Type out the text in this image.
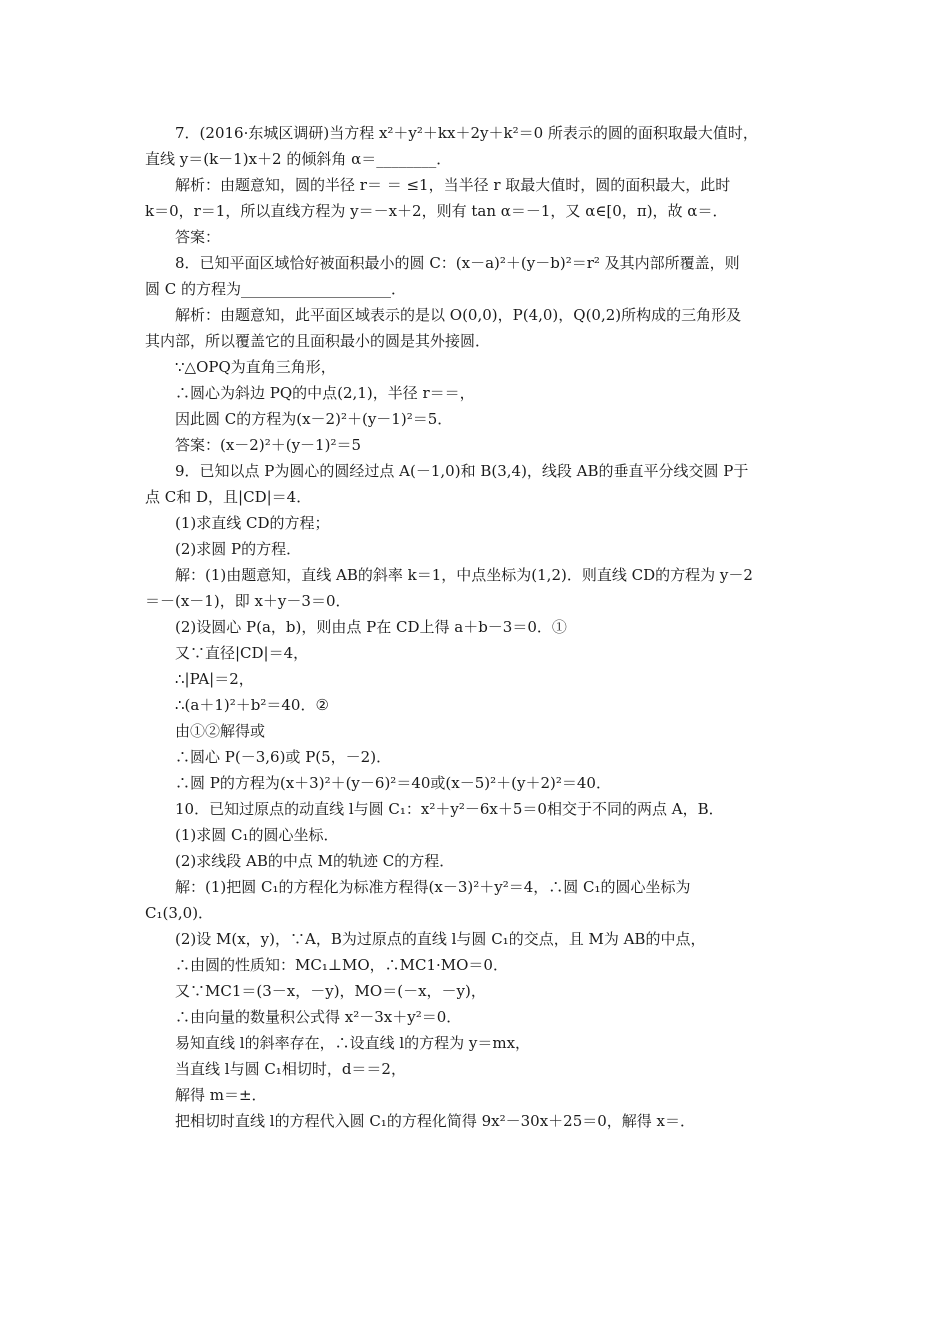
7．(2016·东城区调研)当方程 x²＋y²＋kx＋2y＋k²＝0 所表示的圆的面积取最大值时，
直线 y＝(k－1)x＋2 的倾斜角 α＝________．
解析：由题意知，圆的半径 r＝ ＝ ≤1，当半径 r 取最大值时，圆的面积最大，此时
k＝0，r＝1，所以直线方程为 y＝－x＋2，则有 tan α＝－1，又 α∈[0，π)，故 α＝．
答案：
8．已知平面区域恰好被面积最小的圆 C：(x－a)²＋(y－b)²＝r² 及其内部所覆盖，则
圆 C 的方程为____________________．
解析：由题意知，此平面区域表示的是以 O(0,0)，P(4,0)，Q(0,2)所构成的三角形及
其内部，所以覆盖它的且面积最小的圆是其外接圆．
∵△OPQ为直角三角形，
∴圆心为斜边 PQ的中点(2,1)，半径 r＝＝，
因此圆 C的方程为(x－2)²＋(y－1)²＝5．
答案：(x－2)²＋(y－1)²＝5
9．已知以点 P为圆心的圆经过点 A(－1,0)和 B(3,4)，线段 AB的垂直平分线交圆 P于
点 C和 D，且|CD|＝4．
(1)求直线 CD的方程；
(2)求圆 P的方程．
解：(1)由题意知，直线 AB的斜率 k＝1，中点坐标为(1,2)．则直线 CD的方程为 y－2
＝－(x－1)，即 x＋y－3＝0．
(2)设圆心 P(a，b)，则由点 P在 CD上得 a＋b－3＝0．①
又∵直径|CD|＝4，
∴|PA|＝2，
∴(a＋1)²＋b²＝40．②
由①②解得或
∴圆心 P(－3,6)或 P(5，－2)．
∴圆 P的方程为(x＋3)²＋(y－6)²＝40或(x－5)²＋(y＋2)²＝40．
10．已知过原点的动直线 l与圆 C₁：x²＋y²－6x＋5＝0相交于不同的两点 A，B．
(1)求圆 C₁的圆心坐标．
(2)求线段 AB的中点 M的轨迹 C的方程．
解：(1)把圆 C₁的方程化为标准方程得(x－3)²＋y²＝4，∴圆 C₁的圆心坐标为
C₁(3,0)．
(2)设 M(x，y)，∵A，B为过原点的直线 l与圆 C₁的交点，且 M为 AB的中点，
∴由圆的性质知：MC₁⊥MO，∴MC1·MO＝0．
又∵MC1＝(3－x，－y)，MO＝(－x，－y)，
∴由向量的数量积公式得 x²－3x＋y²＝0．
易知直线 l的斜率存在，∴设直线 l的方程为 y＝mx，
当直线 l与圆 C₁相切时，d＝＝2，
解得 m＝±．
把相切时直线 l的方程代入圆 C₁的方程化简得 9x²－30x＋25＝0，解得 x＝．
